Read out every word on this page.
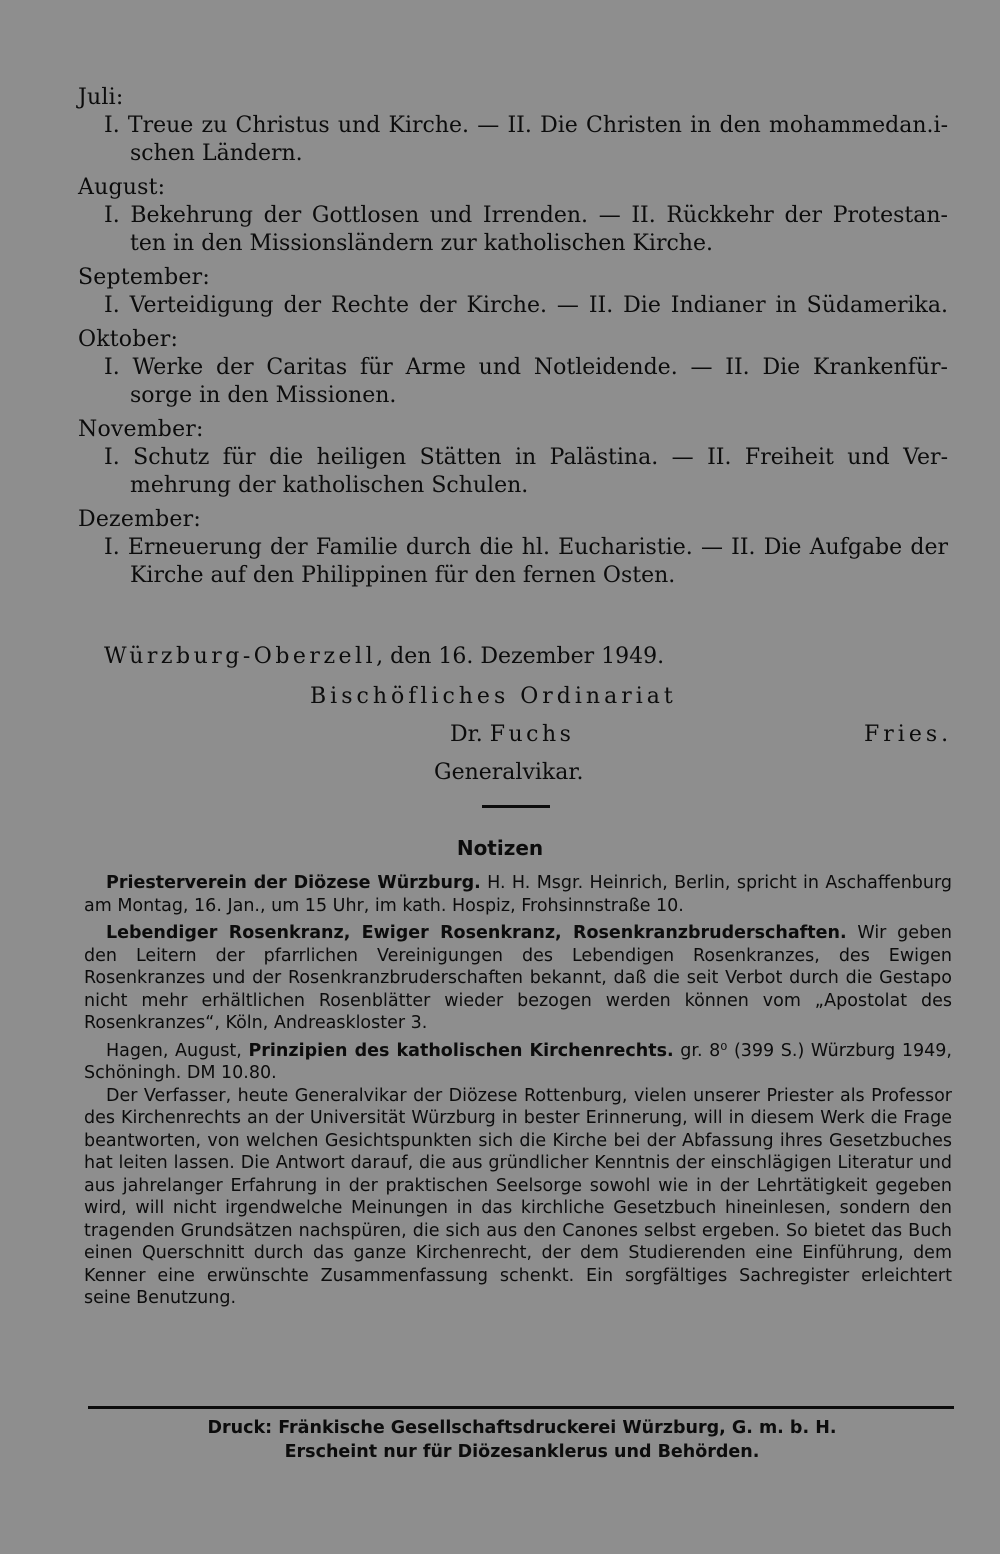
Juli:
I. Treue zu Christus und Kirche. — II. Die Christen in den mohammedan.i-
schen Ländern.
August:
I. Bekehrung der Gottlosen und Irrenden. — II. Rückkehr der Protestan-
ten in den Missionsländern zur katholischen Kirche.
September:
I. Verteidigung der Rechte der Kirche. — II. Die Indianer in Südamerika.
Oktober:
I. Werke der Caritas für Arme und Notleidende. — II. Die Krankenfür-
sorge in den Missionen.
November:
I. Schutz für die heiligen Stätten in Palästina. — II. Freiheit und Ver-
mehrung der katholischen Schulen.
Dezember:
I. Erneuerung der Familie durch die hl. Eucharistie. — II. Die Aufgabe der
Kirche auf den Philippinen für den fernen Osten.
Würzburg-Oberzell, den 16. Dezember 1949.
Bischöfliches Ordinariat
Dr. Fuchs	Fries.
Generalvikar.
Notizen

Priesterverein der Diözese Würzburg. H. H. Msgr. Heinrich, Berlin, spricht in Aschaffenburg am Montag, 16. Jan., um 15 Uhr, im kath. Hospiz, Frohsinnstraße 10.

Lebendiger Rosenkranz, Ewiger Rosenkranz, Rosenkranzbruderschaften. Wir geben den Leitern der pfarrlichen Vereinigungen des Lebendigen Rosenkranzes, des Ewigen Rosenkranzes und der Rosenkranzbruderschaften bekannt, daß die seit Verbot durch die Gestapo nicht mehr erhältlichen Rosenblätter wieder bezogen werden können vom „Apostolat des Rosenkranzes“, Köln, Andreaskloster 3.

Hagen, August, Prinzipien des katholischen Kirchenrechts. gr. 8⁰ (399 S.) Würzburg 1949, Schöningh. DM 10.80.

Der Verfasser, heute Generalvikar der Diözese Rottenburg, vielen unserer Priester als Professor des Kirchenrechts an der Universität Würzburg in bester Erinnerung, will in diesem Werk die Frage beantworten, von welchen Gesichtspunkten sich die Kirche bei der Abfassung ihres Gesetzbuches hat leiten lassen. Die Antwort darauf, die aus gründlicher Kenntnis der einschlägigen Literatur und aus jahrelanger Erfahrung in der praktischen Seelsorge sowohl wie in der Lehrtätigkeit gegeben wird, will nicht irgendwelche Meinungen in das kirchliche Gesetzbuch hineinlesen, sondern den tragenden Grundsätzen nachspüren, die sich aus den Canones selbst ergeben. So bietet das Buch einen Querschnitt durch das ganze Kirchenrecht, der dem Studierenden eine Einführung, dem Kenner eine erwünschte Zusammenfassung schenkt. Ein sorgfältiges Sachregister erleichtert seine Benutzung.

Druck: Fränkische Gesellschaftsdruckerei Würzburg, G. m. b. H.
Erscheint nur für Diözesanklerus und Behörden.
